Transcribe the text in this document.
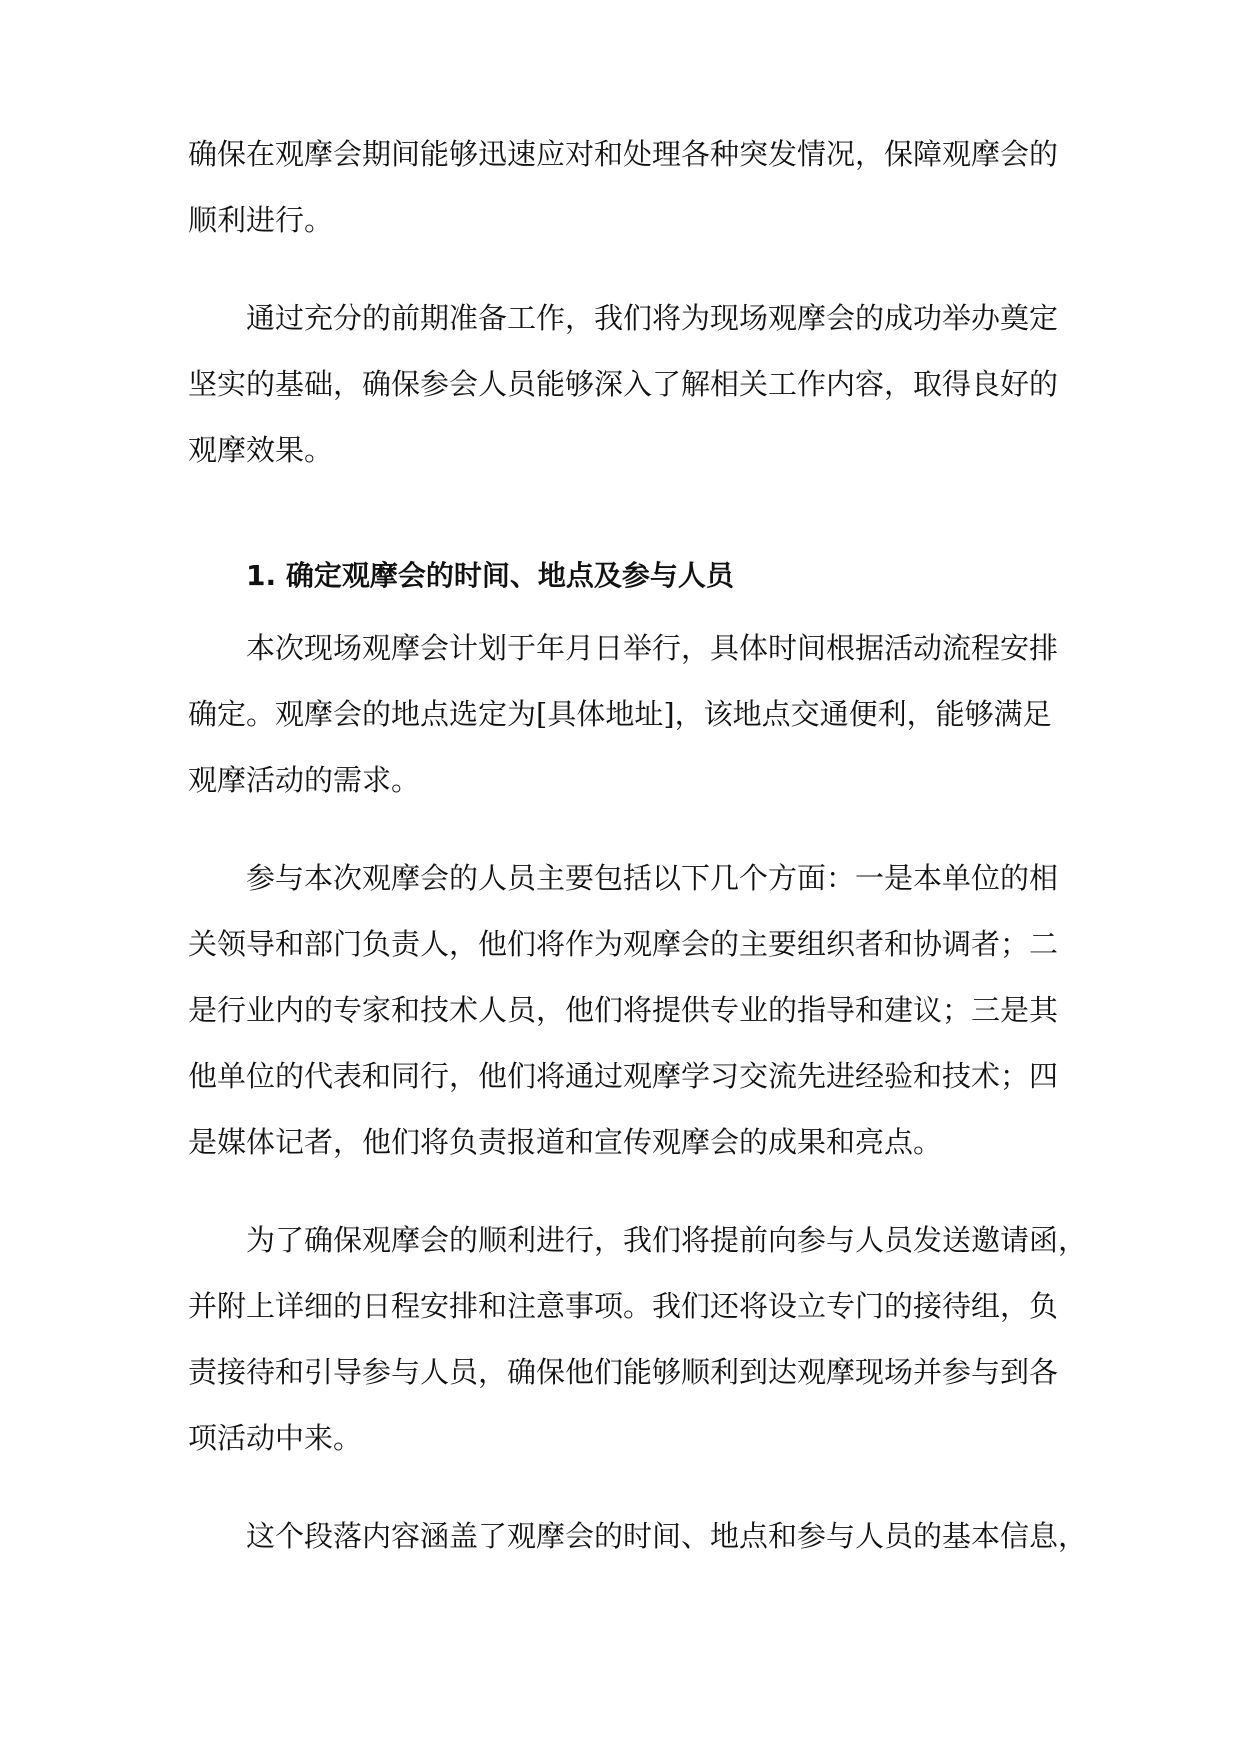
确保在观摩会期间能够迅速应对和处理各种突发情况，保障观摩会的
顺利进行。
通过充分的前期准备工作，我们将为现场观摩会的成功举办奠定
坚实的基础，确保参会人员能够深入了解相关工作内容，取得良好的
观摩效果。
1. 确定观摩会的时间、地点及参与人员
本次现场观摩会计划于年月日举行，具体时间根据活动流程安排
确定。观摩会的地点选定为[具体地址]，该地点交通便利，能够满足
观摩活动的需求。
参与本次观摩会的人员主要包括以下几个方面：一是本单位的相
关领导和部门负责人，他们将作为观摩会的主要组织者和协调者；二
是行业内的专家和技术人员，他们将提供专业的指导和建议；三是其
他单位的代表和同行，他们将通过观摩学习交流先进经验和技术；四
是媒体记者，他们将负责报道和宣传观摩会的成果和亮点。
为了确保观摩会的顺利进行，我们将提前向参与人员发送邀请函，
并附上详细的日程安排和注意事项。我们还将设立专门的接待组，负
责接待和引导参与人员，确保他们能够顺利到达观摩现场并参与到各
项活动中来。
这个段落内容涵盖了观摩会的时间、地点和参与人员的基本信息，
